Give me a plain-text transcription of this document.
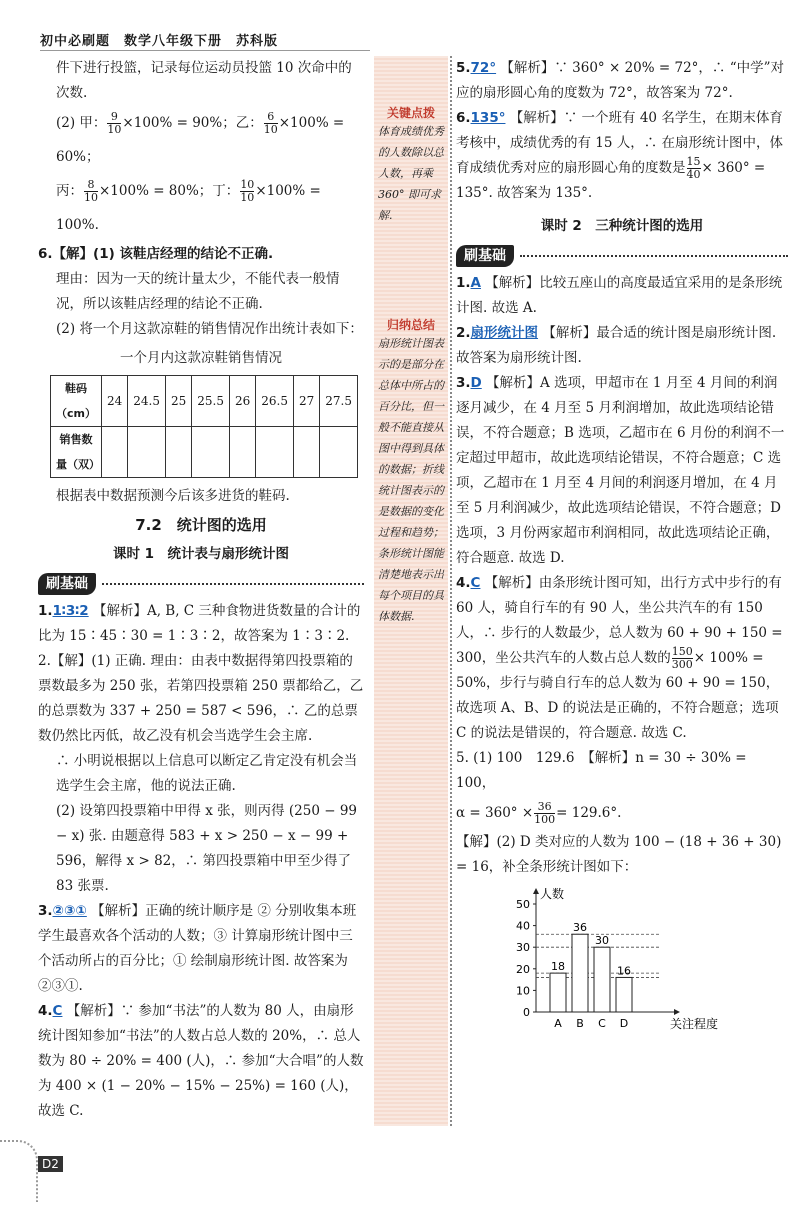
初中必刷题　数学八年级下册　苏科版

件下进行投篮，记录每位运动员投篮 10 次命中的次数.

(2) 甲： $\frac{9}{10} \times 100\% = 90\%$；乙： $\frac{6}{10} \times 100\% = 60\%$；

丙： $\frac{8}{10} \times 100\% = 80\%$；丁： $\frac{10}{10} \times 100\% = 100\%$.

6.【解】(1) 该鞋店经理的结论不正确.

理由：因为一天的统计量太少，不能代表一般情况，所以该鞋店经理的结论不正确.

(2) 将一个月这款凉鞋的销售情况作出统计表如下：

一个月内这款凉鞋销售情况

鞋码（cm）	24	24.5	25	25.5	26	26.5	27	27.5
销售数量（双）								

根据表中数据预测今后该多进货的鞋码.

7.2　统计图的选用

课时 1　统计表与扇形统计图

刷基础

1.1∶3∶2 【解析】A, B, C 三种食物进货数量的合计的比为 15∶45∶30 = 1∶3∶2，故答案为 1∶3∶2.

2.【解】(1) 正确. 理由：由表中数据得第四投票箱的票数最多为 250 张，若第四投票箱 250 票都给乙，乙的总票数为 337 + 250 = 587 < 596，∴ 乙的总票数仍然比丙低，故乙没有机会当选学生会主席.

∴ 小明说根据以上信息可以断定乙肯定没有机会当选学生会主席，他的说法正确.

(2) 设第四投票箱中甲得 x 张，则丙得 (250 − 99 − x) 张. 由题意得 583 + x > 250 − x − 99 + 596，解得 x > 82，∴ 第四投票箱中甲至少得了 83 张票.

3.②③① 【解析】正确的统计顺序是 ② 分别收集本班学生最喜欢各个活动的人数；③ 计算扇形统计图中三个活动所占的百分比；① 绘制扇形统计图. 故答案为 ②③①.

4.C 【解析】∵ 参加“书法”的人数为 80 人，由扇形统计图知参加“书法”的人数占总人数的 20%，∴ 总人数为 80 ÷ 20% = 400 (人)，∴ 参加“大合唱”的人数为 400 × (1 − 20% − 15% − 25%) = 160 (人)，故选 C.

关键点拨
体育成绩优秀的人数除以总人数，再乘 360° 即可求解.
归纳总结
扇形统计图表示的是部分在总体中所占的百分比，但一般不能直接从图中得到具体的数据；折线统计图表示的是数据的变化过程和趋势；条形统计图能清楚地表示出每个项目的具体数据.

5.72° 【解析】∵ 360° × 20% = 72°，∴ “中学”对应的扇形圆心角的度数为 72°，故答案为 72°.

6.135° 【解析】∵ 一个班有 40 名学生，在期末体育考核中，成绩优秀的有 15 人，∴ 在扇形统计图中，体育成绩优秀对应的扇形圆心角的度数是 $\frac{15}{40} \times 360^\circ = 135^\circ$. 故答案为 135°.

课时 2　三种统计图的选用

刷基础

1.A 【解析】比较五座山的高度最适宜采用的是条形统计图. 故选 A.

2.扇形统计图 【解析】最合适的统计图是扇形统计图. 故答案为扇形统计图.

3.D 【解析】A 选项，甲超市在 1 月至 4 月间的利润逐月减少，在 4 月至 5 月利润增加，故此选项结论错误，不符合题意；B 选项，乙超市在 6 月份的利润不一定超过甲超市，故此选项结论错误，不符合题意；C 选项，乙超市在 1 月至 4 月间的利润逐月增加，在 4 月至 5 月利润减少，故此选项结论错误，不符合题意；D 选项，3 月份两家超市利润相同，故此选项结论正确，符合题意. 故选 D.

4.C 【解析】由条形统计图可知，出行方式中步行的有 60 人，骑自行车的有 90 人，坐公共汽车的有 150 人，∴ 步行的人数最少，总人数为 60 + 90 + 150 = 300，坐公共汽车的人数占总人数的 $\frac{150}{300} \times 100\% = 50\%$，步行与骑自行车的总人数为 60 + 90 = 150，故选项 A、B、D 的说法是正确的，不符合题意；选项 C 的说法是错误的，符合题意. 故选 C.

5. (1) 100　129.6　【解析】n = 30 ÷ 30% = 100，

$\alpha = 360^\circ \times \frac{36}{100} = 129.6^\circ$.

【解】(2) D 类对应的人数为 100 − (18 + 36 + 30) = 16，补全条形统计图如下：

人数
关注程度
0
10
20
30
40
50
18
A
36
B
30
C
16
D
D2
